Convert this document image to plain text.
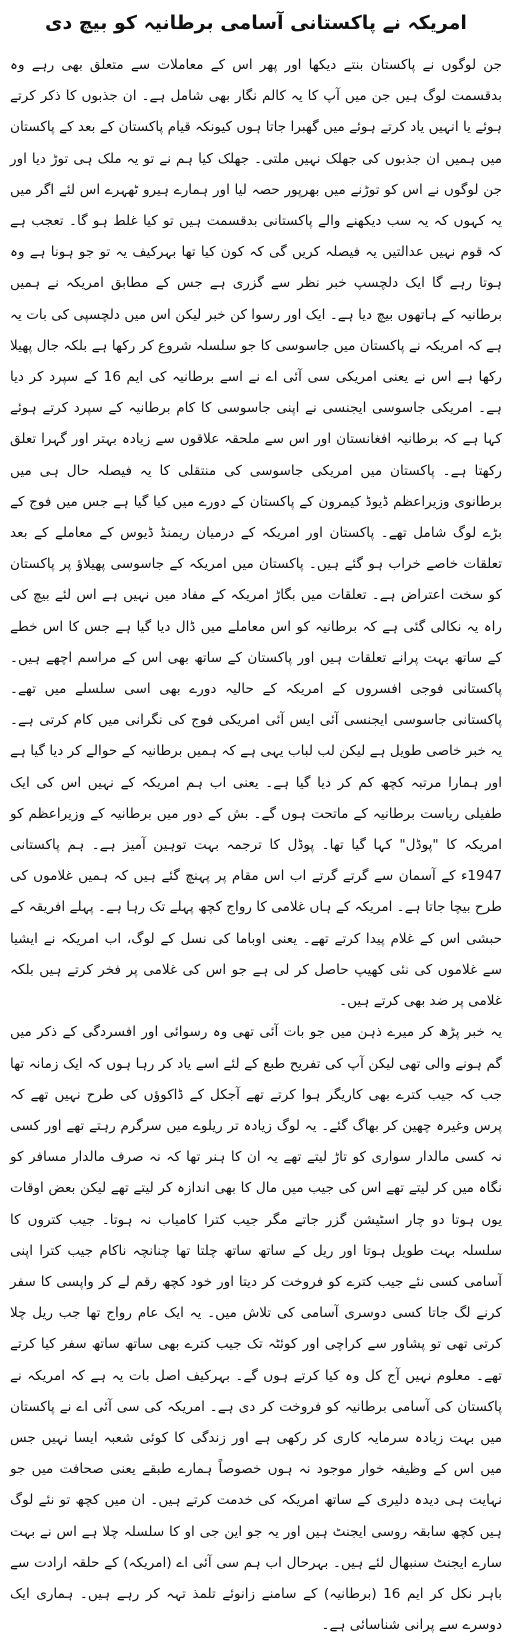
امریکہ نے پاکستانی آسامی برطانیہ کو بیچ دی

جن لوگوں نے پاکستان بنتے دیکھا اور پھر اس کے معاملات سے متعلق بھی رہے وہ بدقسمت لوگ ہیں جن میں آپ کا یہ کالم نگار بھی شامل ہے۔ ان جذبوں کا ذکر کرتے ہوئے یا انہیں یاد کرتے ہوئے میں گھبرا جاتا ہوں کیونکہ قیام پاکستان کے بعد کے پاکستان میں ہمیں ان جذبوں کی جھلک نہیں ملتی۔ جھلک کیا ہم نے تو یہ ملک ہی توڑ دیا اور جن لوگوں نے اس کو توڑنے میں بھرپور حصہ لیا اور ہمارے ہیرو ٹھہرے اس لئے اگر میں یہ کہوں کہ یہ سب دیکھنے والے پاکستانی بدقسمت ہیں تو کیا غلط ہو گا۔ تعجب ہے کہ قوم نہیں عدالتیں یہ فیصلہ کریں گی کہ کون کیا تھا بہرکیف یہ تو جو ہونا ہے وہ ہوتا رہے گا ایک دلچسپ خبر نظر سے گزری ہے جس کے مطابق امریکہ نے ہمیں برطانیہ کے ہاتھوں بیچ دیا ہے۔ ایک اور رسوا کن خبر لیکن اس میں دلچسپی کی بات یہ ہے کہ امریکہ نے پاکستان میں جاسوسی کا جو سلسلہ شروع کر رکھا ہے بلکہ جال پھیلا رکھا ہے اس نے یعنی امریکی سی آئی اے نے اسے برطانیہ کی ایم 16 کے سپرد کر دیا ہے۔ امریکی جاسوسی ایجنسی نے اپنی جاسوسی کا کام برطانیہ کے سپرد کرتے ہوئے کہا ہے کہ برطانیہ افغانستان اور اس سے ملحقہ علاقوں سے زیادہ بہتر اور گہرا تعلق رکھتا ہے۔ پاکستان میں امریکی جاسوسی کی منتقلی کا یہ فیصلہ حال ہی میں برطانوی وزیراعظم ڈیوڈ کیمرون کے پاکستان کے دورے میں کیا گیا ہے جس میں فوج کے بڑے لوگ شامل تھے۔ پاکستان اور امریکہ کے درمیان ریمنڈ ڈیوس کے معاملے کے بعد تعلقات خاصے خراب ہو گئے ہیں۔ پاکستان میں امریکہ کے جاسوسی پھیلاؤ پر پاکستان کو سخت اعتراض ہے۔ تعلقات میں بگاڑ امریکہ کے مفاد میں نہیں ہے اس لئے بیچ کی راہ یہ نکالی گئی ہے کہ برطانیہ کو اس معاملے میں ڈال دیا گیا ہے جس کا اس خطے کے ساتھ بہت پرانے تعلقات ہیں اور پاکستان کے ساتھ بھی اس کے مراسم اچھے ہیں۔ پاکستانی فوجی افسروں کے امریکہ کے حالیہ دورے بھی اسی سلسلے میں تھے۔ پاکستانی جاسوسی ایجنسی آئی ایس آئی امریکی فوج کی نگرانی میں کام کرتی ہے۔ یہ خبر خاصی طویل ہے لیکن لب لباب یہی ہے کہ ہمیں برطانیہ کے حوالے کر دیا گیا ہے اور ہمارا مرتبہ کچھ کم کر دیا گیا ہے۔ یعنی اب ہم امریکہ کے نہیں اس کی ایک طفیلی ریاست برطانیہ کے ماتحت ہوں گے۔ بش کے دور میں برطانیہ کے وزیراعظم کو امریکہ کا "پوڈل" کہا گیا تھا۔ پوڈل کا ترجمہ بہت توہین آمیز ہے۔ ہم پاکستانی 1947ء کے آسمان سے گرتے گرتے اب اس مقام پر پہنچ گئے ہیں کہ ہمیں غلاموں کی طرح بیچا جاتا ہے۔ امریکہ کے ہاں غلامی کا رواج کچھ پہلے تک رہا ہے۔ پہلے افریقہ کے حبشی اس کے غلام پیدا کرتے تھے۔ یعنی اوباما کی نسل کے لوگ، اب امریکہ نے ایشیا سے غلاموں کی نئی کھیپ حاصل کر لی ہے جو اس کی غلامی پر فخر کرتے ہیں بلکہ غلامی پر ضد بھی کرتے ہیں۔

یہ خبر پڑھ کر میرے ذہن میں جو بات آئی تھی وہ رسوائی اور افسردگی کے ذکر میں گم ہونے والی تھی لیکن آپ کی تفریح طبع کے لئے اسے یاد کر رہا ہوں کہ ایک زمانہ تھا جب کہ جیب کترے بھی کاریگر ہوا کرتے تھے آجکل کے ڈاکوؤں کی طرح نہیں تھے کہ پرس وغیرہ چھین کر بھاگ گئے۔ یہ لوگ زیادہ تر ریلوے میں سرگرم رہتے تھے اور کسی نہ کسی مالدار سواری کو تاڑ لیتے تھے یہ ان کا ہنر تھا کہ نہ صرف مالدار مسافر کو نگاہ میں کر لیتے تھے اس کی جیب میں مال کا بھی اندازہ کر لیتے تھے لیکن بعض اوقات یوں ہوتا دو چار اسٹیشن گزر جاتے مگر جیب کترا کامیاب نہ ہوتا۔ جیب کتروں کا سلسلہ بہت طویل ہوتا اور ریل کے ساتھ ساتھ چلتا تھا چنانچہ ناکام جیب کترا اپنی آسامی کسی نئے جیب کترے کو فروخت کر دیتا اور خود کچھ رقم لے کر واپسی کا سفر کرنے لگ جاتا کسی دوسری آسامی کی تلاش میں۔ یہ ایک عام رواج تھا جب ریل چلا کرتی تھی تو پشاور سے کراچی اور کوئٹہ تک جیب کترے بھی ساتھ ساتھ سفر کیا کرتے تھے۔ معلوم نہیں آج کل وہ کیا کرتے ہوں گے۔ بہرکیف اصل بات یہ ہے کہ امریکہ نے پاکستان کی آسامی برطانیہ کو فروخت کر دی ہے۔ امریکہ کی سی آئی اے نے پاکستان میں بہت زیادہ سرمایہ کاری کر رکھی ہے اور زندگی کا کوئی شعبہ ایسا نہیں جس میں اس کے وظیفہ خوار موجود نہ ہوں خصوصاً ہمارے طبقے یعنی صحافت میں جو نہایت ہی دیدہ دلیری کے ساتھ امریکہ کی خدمت کرتے ہیں۔ ان میں کچھ تو نئے لوگ ہیں کچھ سابقہ روسی ایجنٹ ہیں اور یہ جو این جی او کا سلسلہ چلا ہے اس نے بہت سارے ایجنٹ سنبھال لئے ہیں۔ بہرحال اب ہم سی آئی اے (امریکہ) کے حلقہ ارادت سے باہر نکل کر ایم 16 (برطانیہ) کے سامنے زانوئے تلمذ تہہ کر رہے ہیں۔ ہماری ایک دوسرے سے پرانی شناسائی ہے۔
